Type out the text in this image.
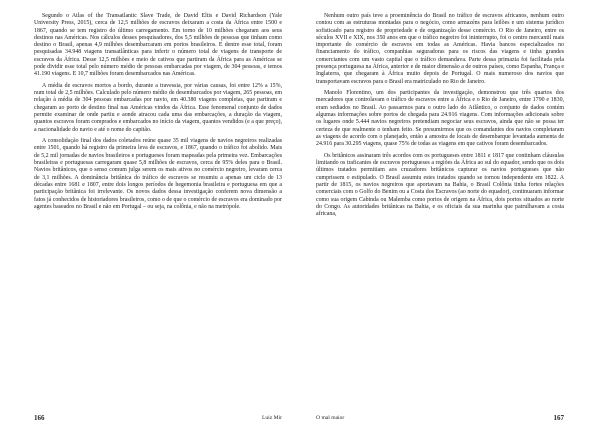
Segundo o Atlas of the Transatlantic Slave Trade, de David Eltis e David Richardson (Yale University Press, 2015), cerca de 12,5 milhões de escravos deixaram a costa da África entre 1500 e 1867, quando se tem registro do último carregamento. Em torno de 10 milhões chegaram aos seus destinos nas Américas. Nos cálculos desses pesquisadores, dos 5,5 milhões de pessoas que tinham como destino o Brasil, apenas 4,9 milhões desembarcaram em portos brasileiros. E dentre esse total, foram pesquisadas 34.948 viagens transatlânticas para inferir o número total de viagens de transporte de escravos da África. Desse 12,5 milhões e meio de cativos que partiram da África para as Américas se pode dividir esse total pelo número médio de pessoas embarcadas por viagem, de 304 pessoas, e temos 41.190 viagens. E 10,7 milhões foram desembarcados nas Américas.

A média de escravos mortos a bordo, durante a travessia, por várias causas, foi entre 12% a 15%, num total de 2,5 milhões. Calculado pelo número médio de desembarcados por viagem, 265 pessoas, em relação à média de 304 pessoas embarcadas por navio, em 40.380 viagens completas, que partiram e chegaram ao porto de destino final nas Américas vindos da África. Esse fenomenal conjunto de dados permite examinar de onde partiu e aonde atracou cada uma das embarcações, a duração da viagem, quantos escravos foram comprados e embarcados no início da viagem, quantos vendidos (e a que preço), a nacionalidade do navio e até o nome do capitão.

A consolidação final dos dados coletados reúne quase 35 mil viagens de navios negreiros realizadas entre 1501, quando há registro da primeira leva de escravos, e 1867, quando o tráfico foi abolido. Mais de 5,2 mil jornadas de navios brasileiros e portugueses foram mapeadas pela primeira vez. Embarcações brasileiras e portuguesas carregaram quase 5,8 milhões de escravos, cerca de 95% deles para o Brasil. Navios britânicos, que o senso comum julga serem os mais ativos no comércio negreiro, levaram cerca de 3,1 milhões. A dominância britânica do tráfico de escravos se resumiu a apenas um ciclo de 13 décadas entre 1681 e 1807, entre dois longos períodos de hegemonia brasileira e portuguesa em que a participação britânica foi irrelevante. Os novos dados dessa investigação conferem nova dimensão a fatos já conhecidos de historiadores brasileiros, como o de que o comércio de escravos era dominado por agentes baseados no Brasil e não em Portugal – ou seja, na colônia, e não na metrópole.

166	Luiz Mir

Nenhum outro país teve a proeminência do Brasil no tráfico de escravos africanos, nenhum outro contou com as estruturas montadas para o negócio, como armazéns para leilões e um sistema jurídico sofisticado para registro de propriedade e de organização desse comércio. O Rio de Janeiro, entre os séculos XVII e XIX, nos 350 anos em que o tráfico negreiro foi ininterrupto, foi o centro mercantil mais importante do comércio de escravos em todas as Américas. Havia bancos especializados no financiamento do tráfico, companhias seguradoras para os riscos das viagens e tinha grandes comerciantes com um vasto capital que o tráfico demandava. Parte dessa primazia foi facilitada pela presença portuguesa na África, anterior e de maior dimensão a de outros países, como Espanha, França e Inglaterra, que chegaram à África muito depois de Portugal. O mais numeroso dos navios que transportavam escravos para o Brasil era matriculado no Rio de Janeiro.

Manolo Florentino, um dos participantes da investigação, demonstrou que três quartos dos mercadores que controlavam o tráfico de escravos entre a África e o Rio de Janeiro, entre 1790 e 1830, eram sediados no Brasil. Ao passarmos para o outro lado do Atlântico, o conjunto de dados contém algumas informações sobre portos de chegada para 24.916 viagens. Com informações adicionais sobre os lugares onde 5.444 navios negreiros pretendiam negociar seus escravos, ainda que não se possa ter certeza de que realmente o tenham feito. Se presumirmos que os comandantes dos navios completaram as viagens de acordo com o planejado, então a amostra de locais de desembarque levantada aumenta de 24.916 para 30.295 viagens, quase 75% de todas as viagens em que cativos foram desembarcados.

Os britânicos assinaram três acordos com os portugueses entre 1811 e 1817 que continham cláusulas limitando os traficantes de escravos portugueses a regiões da África ao sul do equador, sendo que os dois últimos tratados permitiam aos cruzadores britânicos capturar os navios portugueses que não cumprissem o estipulado. O Brasil assumiu estes tratados quando se tornou independente em 1822. A partir de 1815, os navios negreiros que aportavam na Bahia, o Brasil Colônia tinha fortes relações comerciais com o Golfo do Benim ou a Costa dos Escravos (ao norte do equador), continuaram informar como sua origem Cabinda ou Malemba como portos de origem na África, dois portos situados ao norte do Congo. As autoridades britânicas na Bahia, e os oficiais da sua marinha que patrulhavam a costa africana,

O mal maior	167
